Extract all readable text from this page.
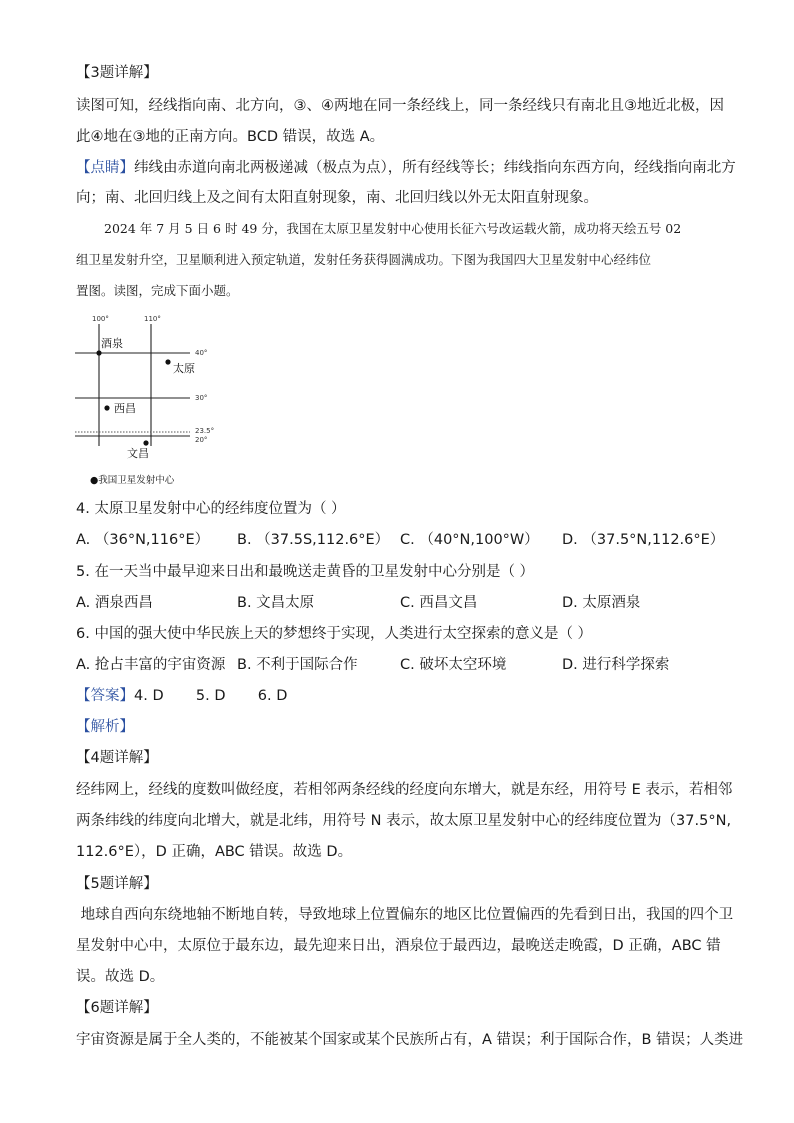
【3题详解】
读图可知，经线指向南、北方向，③、④两地在同一条经线上，同一条经线只有南北且③地近北极，因
此④地在③地的正南方向。BCD 错误，故选 A。
【点睛】纬线由赤道向南北两极递减（极点为点），所有经线等长；纬线指向东西方向，经线指向南北方
向；南、北回归线上及之间有太阳直射现象，南、北回归线以外无太阳直射现象。
2024 年 7 月 5 日 6 时 49 分，我国在太原卫星发射中心使用长征六号改运载火箭，成功将天绘五号 02
组卫星发射升空，卫星顺利进入预定轨道，发射任务获得圆满成功。下图为我国四大卫星发射中心经纬位
置图。读图，完成下面小题。
100°	110°
40°
30°
23.5°
20°
酒泉
太原
西昌
文昌
●我国卫星发射中心
4. 太原卫星发射中心的经纬度位置为（ ）
A. （36°N,116°E） B. （37.5S,112.6°E） C. （40°N,100°W） D. （37.5°N,112.6°E）
5. 在一天当中最早迎来日出和最晚送走黄昏的卫星发射中心分别是（ ）
A. 酒泉西昌	B. 文昌太原	C. 西昌文昌	D. 太原酒泉
6. 中国的强大使中华民族上天的梦想终于实现，人类进行太空探索的意义是（ ）
A. 抢占丰富的宇宙资源 B. 不利于国际合作	C. 破坏太空环境	D. 进行科学探索
【答案】4. D       5. D       6. D
【解析】
【4题详解】
经纬网上，经线的度数叫做经度，若相邻两条经线的经度向东增大，就是东经，用符号 E 表示，若相邻
两条纬线的纬度向北增大，就是北纬，用符号 N 表示，故太原卫星发射中心的经纬度位置为（37.5°N,
112.6°E），D 正确，ABC 错误。故选 D。
【5题详解】
地球自西向东绕地轴不断地自转，导致地球上位置偏东的地区比位置偏西的先看到日出，我国的四个卫
星发射中心中，太原位于最东边，最先迎来日出，酒泉位于最西边，最晚送走晚霞，D 正确，ABC 错
误。故选 D。
【6题详解】
宇宙资源是属于全人类的，不能被某个国家或某个民族所占有，A 错误；利于国际合作，B 错误；人类进
